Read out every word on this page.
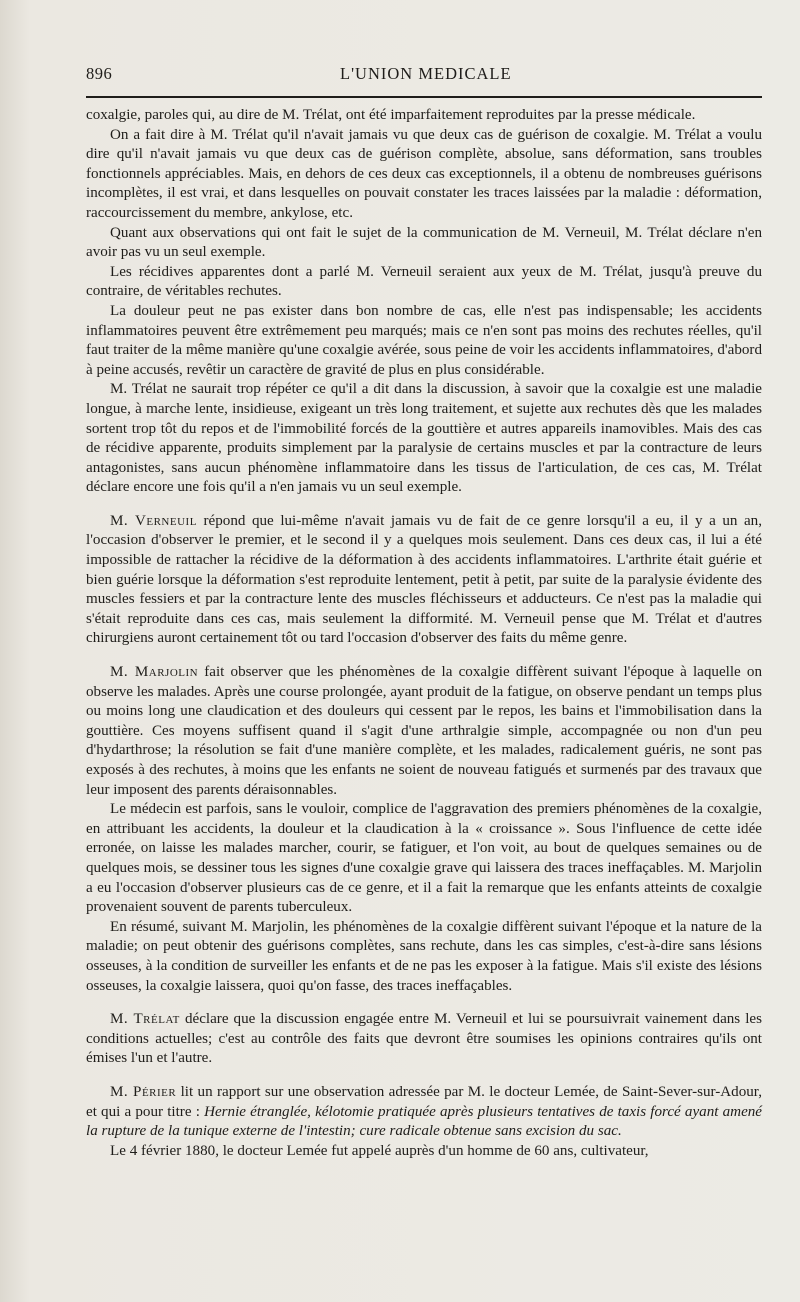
896	L'UNION MEDICALE

coxalgie, paroles qui, au dire de M. Trélat, ont été imparfaitement reproduites par la presse médicale.

On a fait dire à M. Trélat qu'il n'avait jamais vu que deux cas de guérison de coxalgie. M. Trélat a voulu dire qu'il n'avait jamais vu que deux cas de guérison complète, absolue, sans déformation, sans troubles fonctionnels appréciables. Mais, en dehors de ces deux cas exceptionnels, il a obtenu de nombreuses guérisons incomplètes, il est vrai, et dans lesquelles on pouvait constater les traces laissées par la maladie : déformation, raccourcissement du membre, ankylose, etc.

Quant aux observations qui ont fait le sujet de la communication de M. Verneuil, M. Trélat déclare n'en avoir pas vu un seul exemple.

Les récidives apparentes dont a parlé M. Verneuil seraient aux yeux de M. Trélat, jusqu'à preuve du contraire, de véritables rechutes.

La douleur peut ne pas exister dans bon nombre de cas, elle n'est pas indispensable; les accidents inflammatoires peuvent être extrêmement peu marqués; mais ce n'en sont pas moins des rechutes réelles, qu'il faut traiter de la même manière qu'une coxalgie avérée, sous peine de voir les accidents inflammatoires, d'abord à peine accusés, revêtir un caractère de gravité de plus en plus considérable.

M. Trélat ne saurait trop répéter ce qu'il a dit dans la discussion, à savoir que la coxalgie est une maladie longue, à marche lente, insidieuse, exigeant un très long traitement, et sujette aux rechutes dès que les malades sortent trop tôt du repos et de l'immobilité forcés de la gouttière et autres appareils inamovibles. Mais des cas de récidive apparente, produits simplement par la paralysie de certains muscles et par la contracture de leurs antagonistes, sans aucun phénomène inflammatoire dans les tissus de l'articulation, de ces cas, M. Trélat déclare encore une fois qu'il a n'en jamais vu un seul exemple.

M. Verneuil répond que lui-même n'avait jamais vu de fait de ce genre lorsqu'il a eu, il y a un an, l'occasion d'observer le premier, et le second il y a quelques mois seulement. Dans ces deux cas, il lui a été impossible de rattacher la récidive de la déformation à des accidents inflammatoires. L'arthrite était guérie et bien guérie lorsque la déformation s'est reproduite lentement, petit à petit, par suite de la paralysie évidente des muscles fessiers et par la contracture lente des muscles fléchisseurs et adducteurs. Ce n'est pas la maladie qui s'était reproduite dans ces cas, mais seulement la difformité. M. Verneuil pense que M. Trélat et d'autres chirurgiens auront certainement tôt ou tard l'occasion d'observer des faits du même genre.

M. Marjolin fait observer que les phénomènes de la coxalgie diffèrent suivant l'époque à laquelle on observe les malades. Après une course prolongée, ayant produit de la fatigue, on observe pendant un temps plus ou moins long une claudication et des douleurs qui cessent par le repos, les bains et l'immobilisation dans la gouttière. Ces moyens suffisent quand il s'agit d'une arthralgie simple, accompagnée ou non d'un peu d'hydarthrose; la résolution se fait d'une manière complète, et les malades, radicalement guéris, ne sont pas exposés à des rechutes, à moins que les enfants ne soient de nouveau fatigués et surmenés par des travaux que leur imposent des parents déraisonnables.

Le médecin est parfois, sans le vouloir, complice de l'aggravation des premiers phénomènes de la coxalgie, en attribuant les accidents, la douleur et la claudication à la « croissance ». Sous l'influence de cette idée erronée, on laisse les malades marcher, courir, se fatiguer, et l'on voit, au bout de quelques semaines ou de quelques mois, se dessiner tous les signes d'une coxalgie grave qui laissera des traces ineffaçables. M. Marjolin a eu l'occasion d'observer plusieurs cas de ce genre, et il a fait la remarque que les enfants atteints de coxalgie provenaient souvent de parents tuberculeux.

En résumé, suivant M. Marjolin, les phénomènes de la coxalgie diffèrent suivant l'époque et la nature de la maladie; on peut obtenir des guérisons complètes, sans rechute, dans les cas simples, c'est-à-dire sans lésions osseuses, à la condition de surveiller les enfants et de ne pas les exposer à la fatigue. Mais s'il existe des lésions osseuses, la coxalgie laissera, quoi qu'on fasse, des traces ineffaçables.

M. Trélat déclare que la discussion engagée entre M. Verneuil et lui se poursuivrait vainement dans les conditions actuelles; c'est au contrôle des faits que devront être soumises les opinions contraires qu'ils ont émises l'un et l'autre.

M. Périer lit un rapport sur une observation adressée par M. le docteur Lemée, de Saint-Sever-sur-Adour, et qui a pour titre : Hernie étranglée, kélotomie pratiquée après plusieurs tentatives de taxis forcé ayant amené la rupture de la tunique externe de l'intestin; cure radicale obtenue sans excision du sac.

Le 4 février 1880, le docteur Lemée fut appelé auprès d'un homme de 60 ans, cultivateur,
